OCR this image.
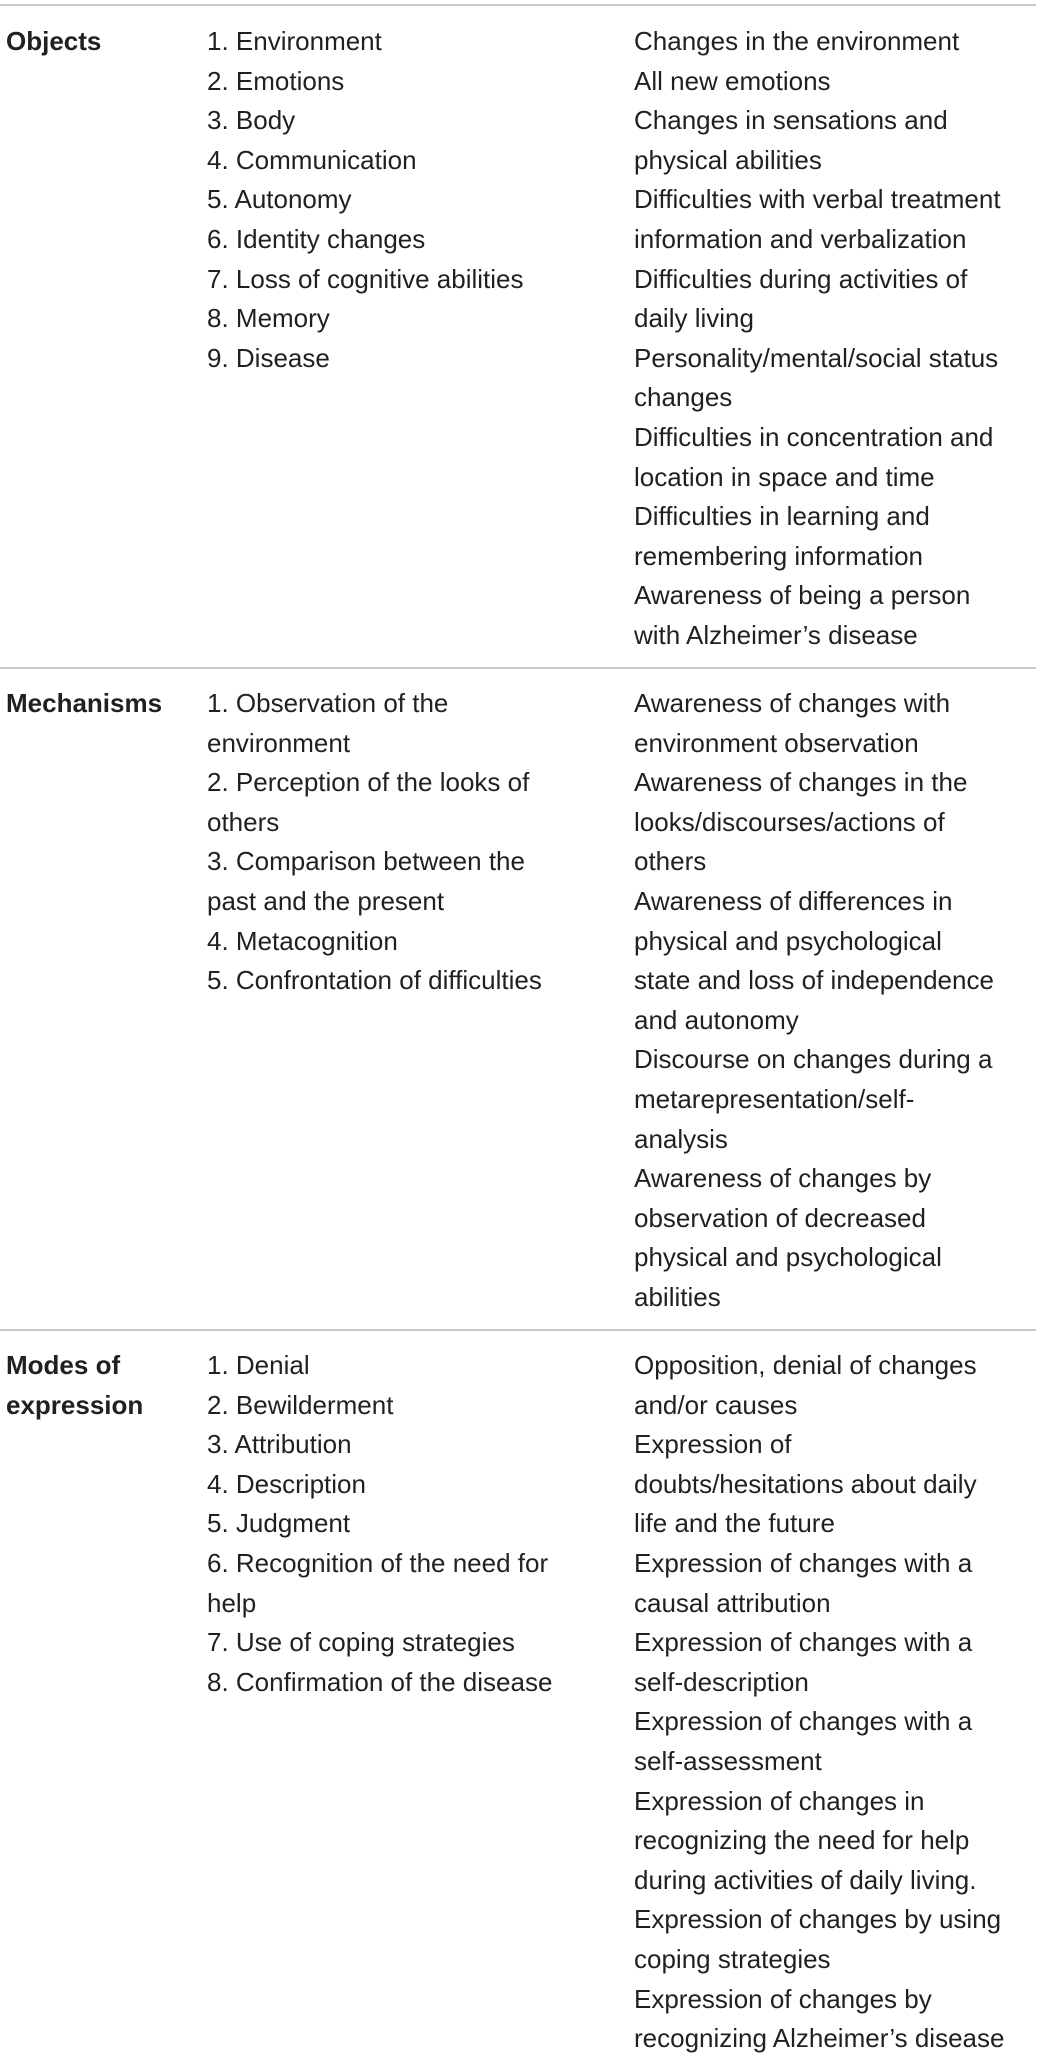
Objects	1. Environment
2. Emotions
3. Body
4. Communication
5. Autonomy
6. Identity changes
7. Loss of cognitive abilities
8. Memory
9. Disease
Changes in the environment
All new emotions
Changes in sensations and
physical abilities
Difficulties with verbal treatment
information and verbalization
Difficulties during activities of
daily living
Personality/mental/social status
changes
Difficulties in concentration and
location in space and time
Difficulties in learning and
remembering information
Awareness of being a person
with Alzheimer’s disease
Mechanisms	1. Observation of the
environment
2. Perception of the looks of
others
3. Comparison between the
past and the present
4. Metacognition
5. Confrontation of difficulties
Awareness of changes with
environment observation
Awareness of changes in the
looks/discourses/actions of
others
Awareness of differences in
physical and psychological
state and loss of independence
and autonomy
Discourse on changes during a
metarepresentation/self-
analysis
Awareness of changes by
observation of decreased
physical and psychological
abilities
Modes of
expression
1. Denial
2. Bewilderment
3. Attribution
4. Description
5. Judgment
6. Recognition of the need for
help
7. Use of coping strategies
8. Confirmation of the disease
Opposition, denial of changes
and/or causes
Expression of
doubts/hesitations about daily
life and the future
Expression of changes with a
causal attribution
Expression of changes with a
self-description
Expression of changes with a
self-assessment
Expression of changes in
recognizing the need for help
during activities of daily living.
Expression of changes by using
coping strategies
Expression of changes by
recognizing Alzheimer’s disease
